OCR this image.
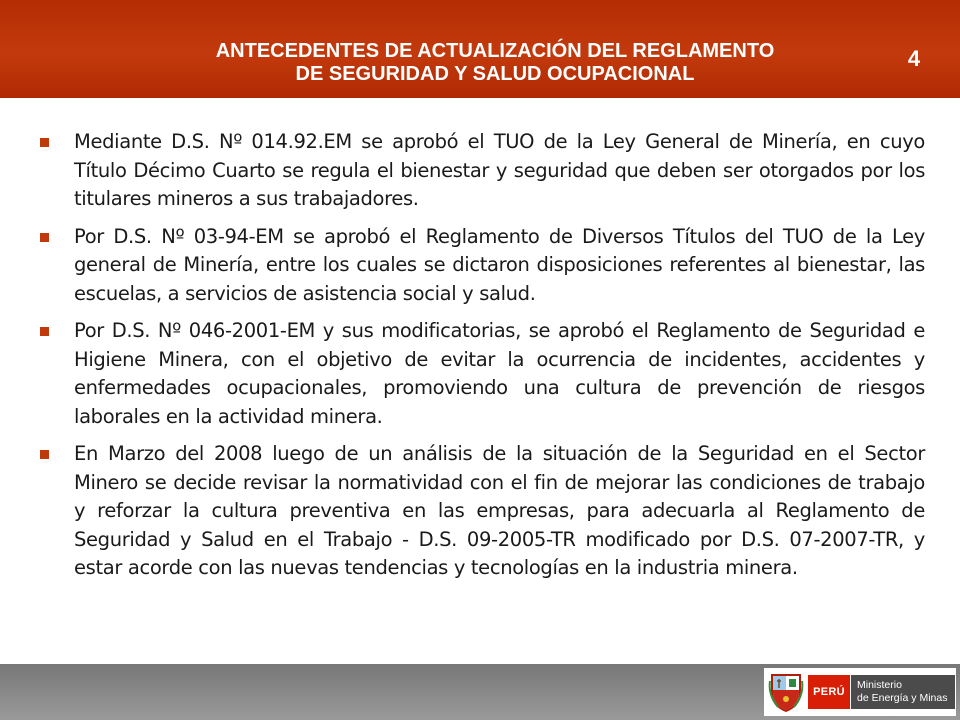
ANTECEDENTES DE ACTUALIZACIÓN DEL REGLAMENTO
DE SEGURIDAD Y SALUD OCUPACIONAL
4

Mediante D.S. Nº 014.92.EM se aprobó el TUO de la Ley General de Minería, en cuyo Título Décimo Cuarto se regula el bienestar y seguridad que deben ser otorgados por los titulares mineros a sus trabajadores.

Por D.S. Nº 03-94-EM se aprobó el Reglamento de Diversos Títulos del TUO de la Ley general de Minería, entre los cuales se dictaron disposiciones referentes al bienestar, las escuelas, a servicios de asistencia social y salud.

Por D.S. Nº 046-2001-EM y sus modificatorias, se aprobó el Reglamento de Seguridad e Higiene Minera, con el objetivo de evitar la ocurrencia de incidentes, accidentes y enfermedades ocupacionales, promoviendo una cultura de prevención de riesgos laborales en la actividad minera.

En Marzo del 2008 luego de un análisis de la situación de la Seguridad en el Sector Minero se decide revisar la normatividad con el fin de mejorar las condiciones de trabajo y reforzar la cultura preventiva en las empresas, para adecuarla al Reglamento de Seguridad y Salud en el Trabajo - D.S. 09-2005-TR modificado por D.S. 07-2007-TR, y estar acorde con las nuevas tendencias y tecnologías en la industria minera.

PERÚ
Ministerio
de Energía y Minas
